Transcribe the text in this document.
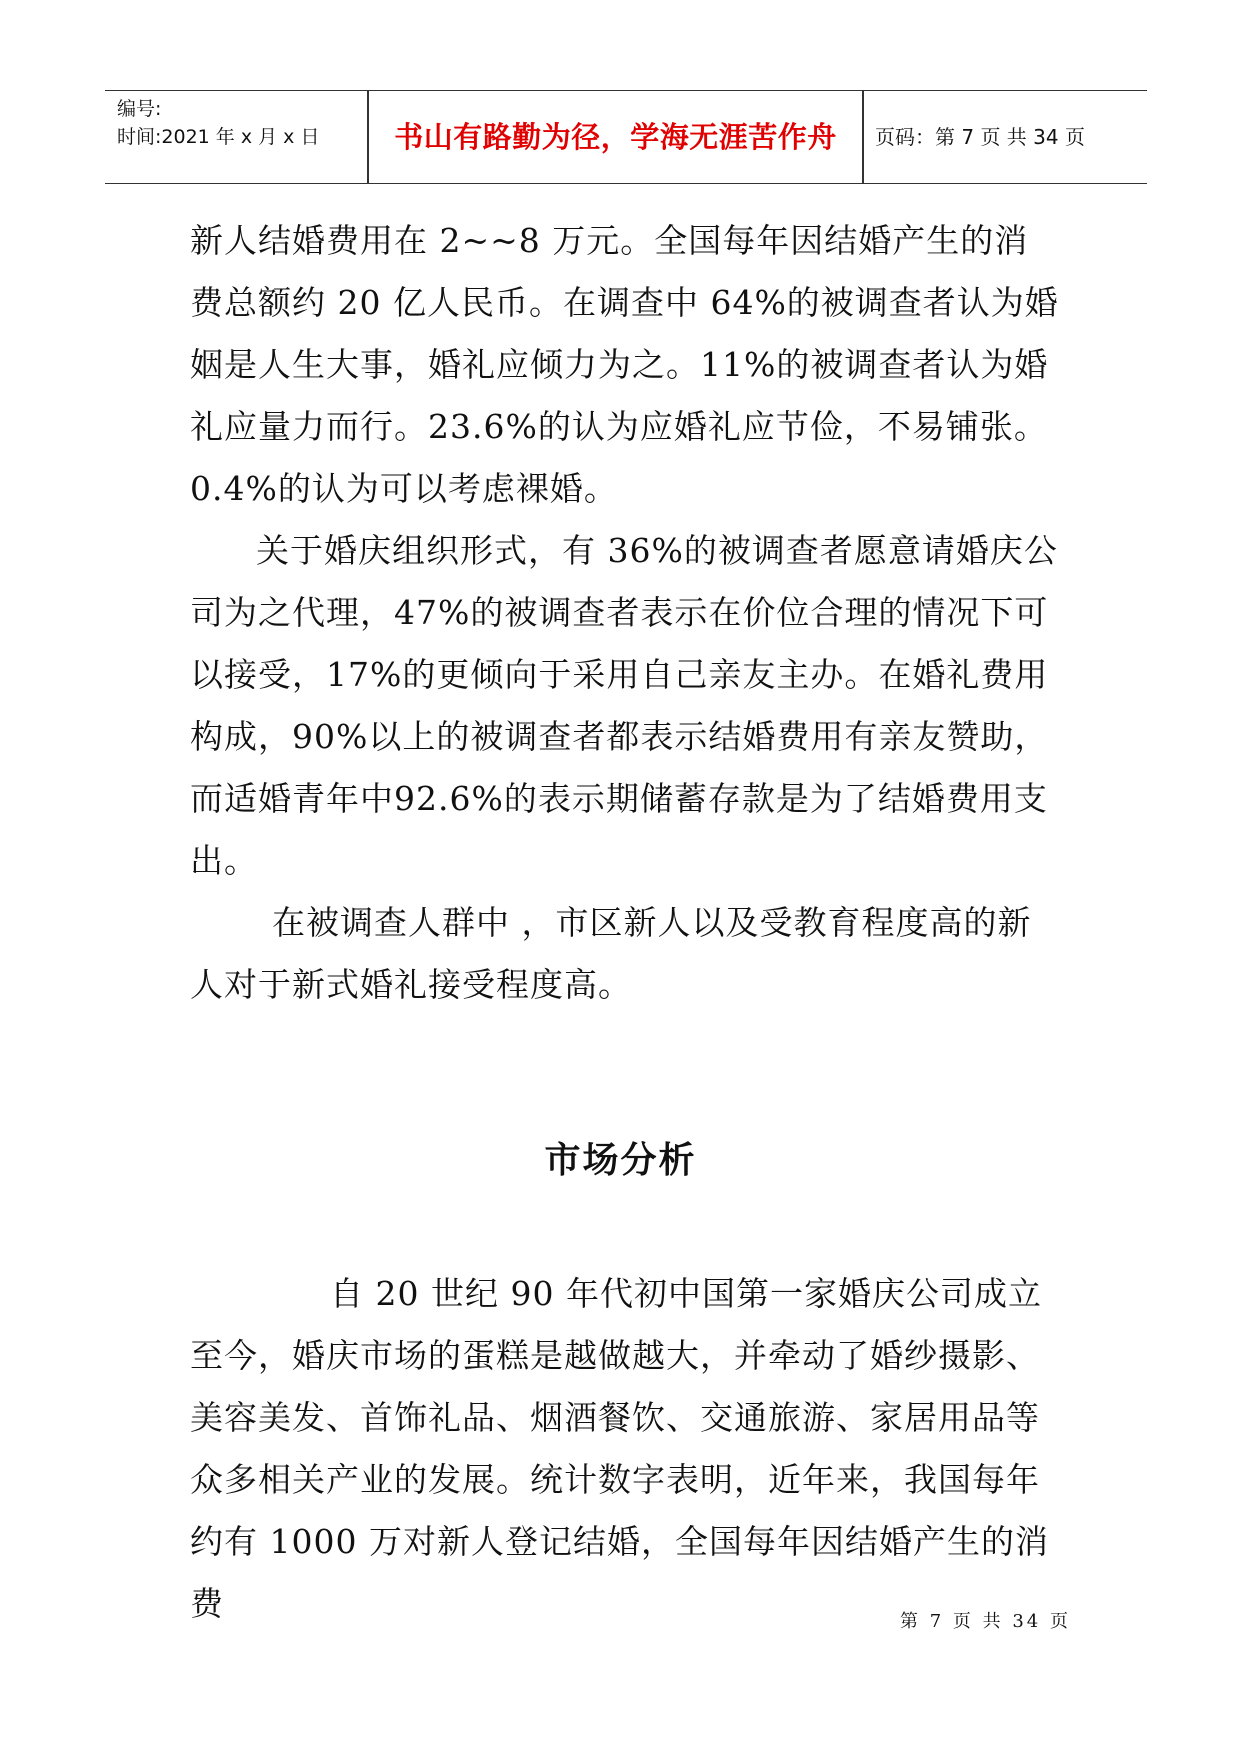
编号:
时间:2021 年 x 月 x 日	书山有路勤为径，学海无涯苦作舟	页码：第 7 页 共 34 页

新人结婚费用在 2~~8 万元。全国每年因结婚产生的消费总额约 20 亿人民币。在调查中 64%的被调查者认为婚姻是人生大事，婚礼应倾力为之。11%的被调查者认为婚礼应量力而行。23.6%的认为应婚礼应节俭，不易铺张。0.4%的认为可以考虑裸婚。

关于婚庆组织形式，有 36%的被调查者愿意请婚庆公司为之代理，47%的被调查者表示在价位合理的情况下可以接受，17%的更倾向于采用自己亲友主办。在婚礼费用构成，90%以上的被调查者都表示结婚费用有亲友赞助，而适婚青年中92.6%的表示期储蓄存款是为了结婚费用支出。

在被调查人群中 ，市区新人以及受教育程度高的新人对于新式婚礼接受程度高。

市场分析

自 20 世纪 90 年代初中国第一家婚庆公司成立至今，婚庆市场的蛋糕是越做越大，并牵动了婚纱摄影、美容美发、首饰礼品、烟酒餐饮、交通旅游、家居用品等众多相关产业的发展。统计数字表明，近年来，我国每年约有 1000 万对新人登记结婚，全国每年因结婚产生的消费	第 7 页 共 34 页
